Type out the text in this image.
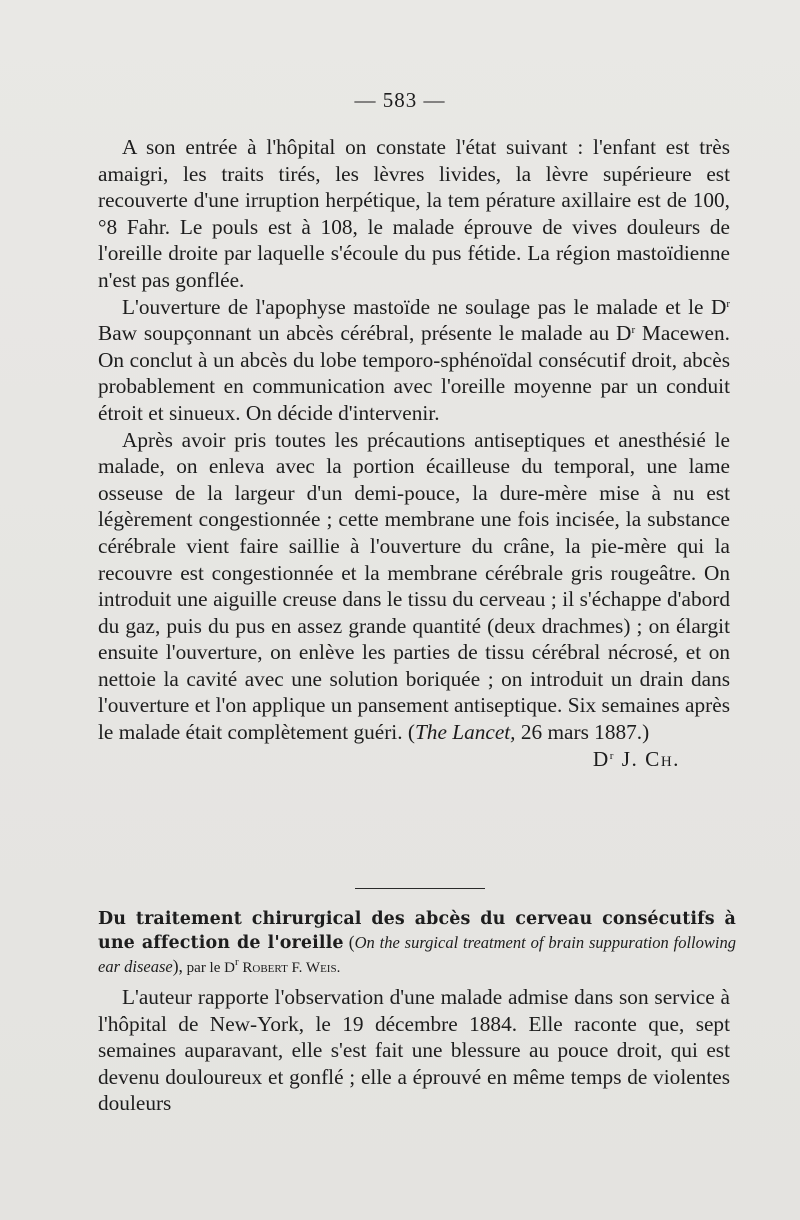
— 583 —

A son entrée à l'hôpital on constate l'état suivant : l'enfant est très amaigri, les traits tirés, les lèvres livides, la lèvre supérieure est recouverte d'une irruption herpétique, la tem pérature axillaire est de 100,°8 Fahr. Le pouls est à 108, le malade éprouve de vives douleurs de l'oreille droite par laquelle s'écoule du pus fétide. La région mastoïdienne n'est pas gonflée.

L'ouverture de l'apophyse mastoïde ne soulage pas le malade et le $D^r$ Baw soupçonnant un abcès cérébral, présente le malade au $D^r$ Macewen. On conclut à un abcès du lobe temporo-sphénoïdal consécutif droit, abcès probablement en communication avec l'oreille moyenne par un conduit étroit et sinueux. On décide d'intervenir.

Après avoir pris toutes les précautions antiseptiques et anesthésié le malade, on enleva avec la portion écailleuse du temporal, une lame osseuse de la largeur d'un demi-pouce, la dure-mère mise à nu est légèrement congestionnée ; cette membrane une fois incisée, la substance cérébrale vient faire saillie à l'ouverture du crâne, la pie-mère qui la recouvre est congestionnée et la membrane cérébrale gris rougeâtre. On introduit une aiguille creuse dans le tissu du cerveau ; il s'échappe d'abord du gaz, puis du pus en assez grande quantité (deux drachmes) ; on élargit ensuite l'ouverture, on enlève les parties de tissu cérébral nécrosé, et on nettoie la cavité avec une solution boriquée ; on introduit un drain dans l'ouverture et l'on applique un pansement antiseptique. Six semaines après le malade était complètement guéri. (The Lancet, 26 mars 1887.)
$D^r$ J. Ch.

Du traitement chirurgical des abcès du cerveau consécutifs à une affection de l'oreille (On the surgical treatment of brain suppuration following ear disease), par le $D^r$ Robert F. Weis.

L'auteur rapporte l'observation d'une malade admise dans son service à l'hôpital de New-York, le 19 décembre 1884. Elle raconte que, sept semaines auparavant, elle s'est fait une blessure au pouce droit, qui est devenu douloureux et gonflé ; elle a éprouvé en même temps de violentes douleurs
